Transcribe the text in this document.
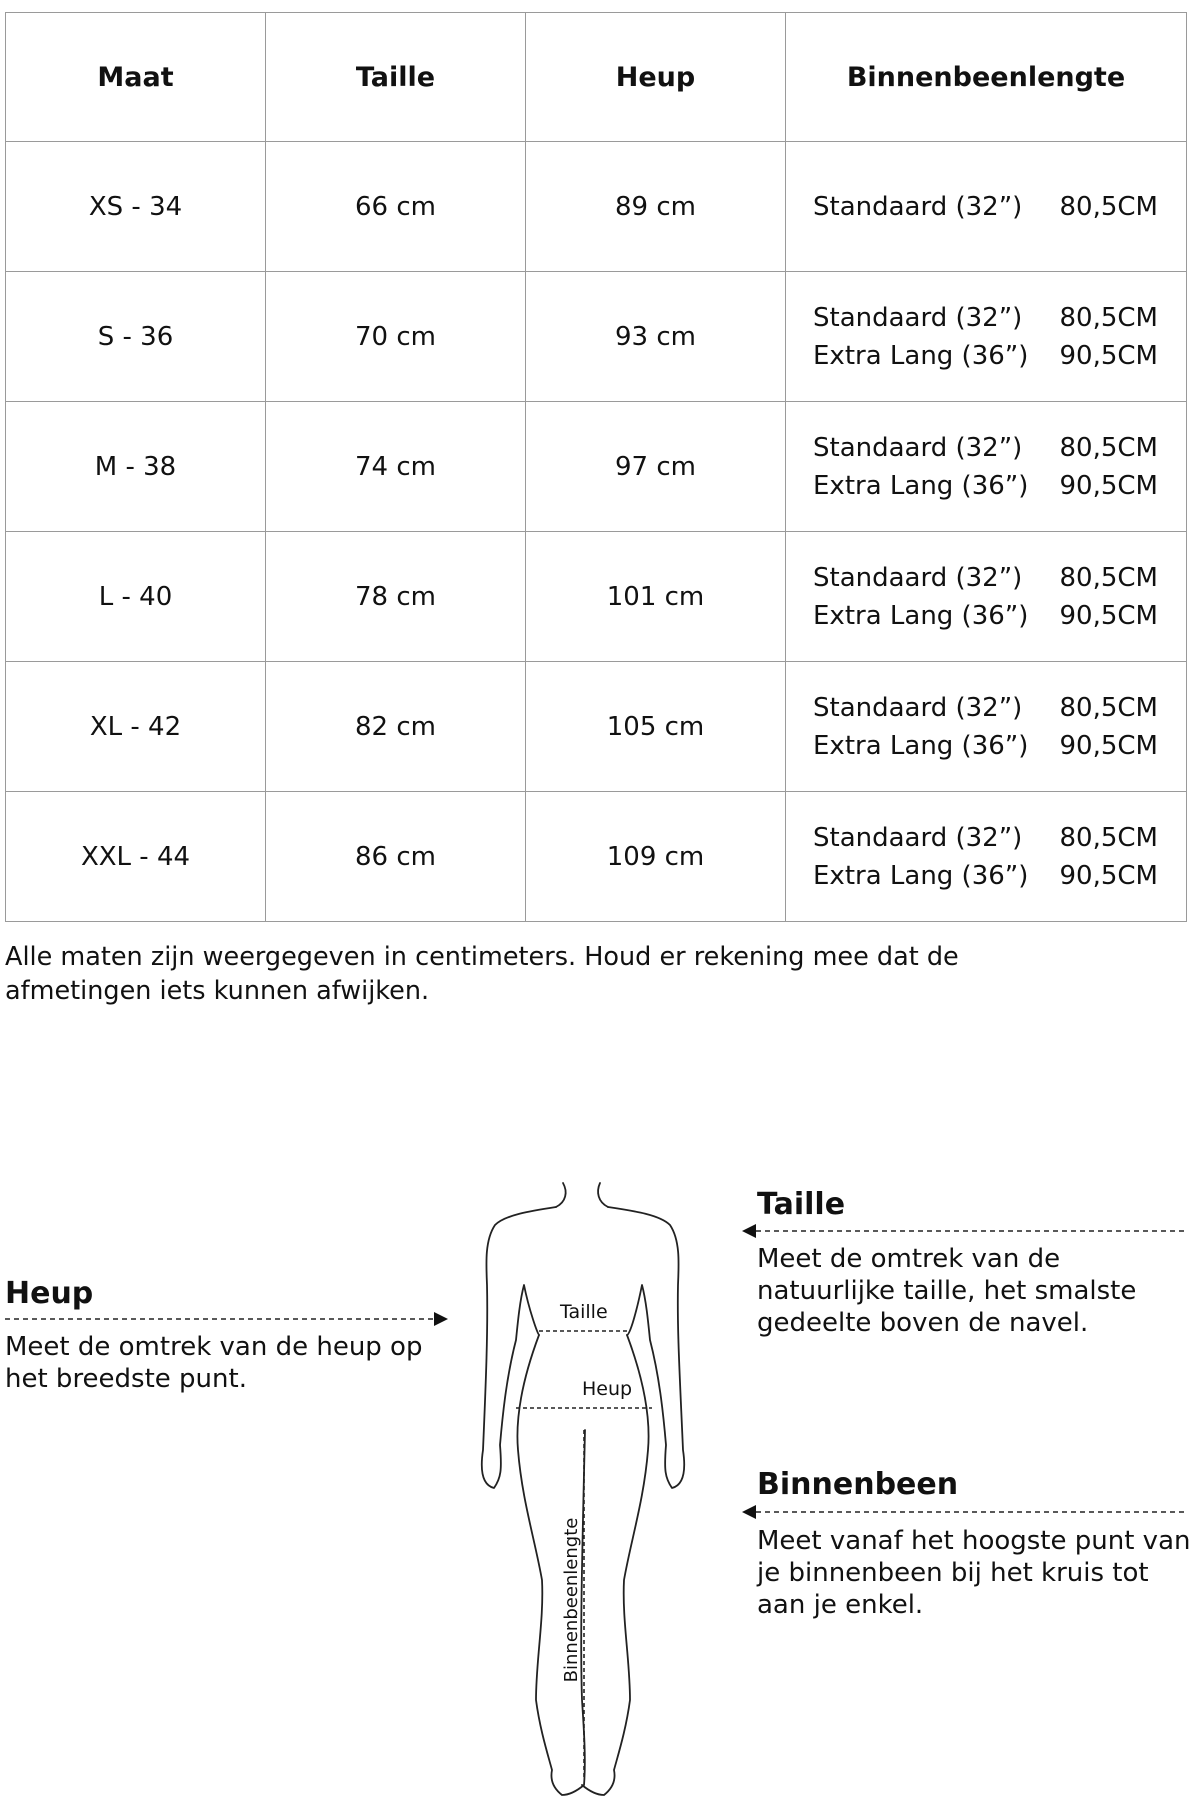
Maat	Taille	Heup	Binnenbeenlengte
XS - 34	66 cm	89 cm	Standaard (32”) 80,5CM

S - 36	70 cm	93 cm	Standaard (32”) 80,5CM
Extra Lang (36”) 90,5CM

M - 38	74 cm	97 cm	Standaard (32”) 80,5CM
Extra Lang (36”) 90,5CM

L - 40	78 cm	101 cm	Standaard (32”) 80,5CM
Extra Lang (36”) 90,5CM

XL - 42	82 cm	105 cm	Standaard (32”) 80,5CM
Extra Lang (36”) 90,5CM

XXL - 44	86 cm	109 cm	Standaard (32”) 80,5CM
Extra Lang (36”) 90,5CM

Alle maten zijn weergegeven in centimeters. Houd er rekening mee dat de afmetingen iets kunnen afwijken.

Heup

Meet de omtrek van de heup op het breedste punt.

Taille

Meet de omtrek van de natuurlijke taille, het smalste gedeelte boven de navel.

Binnenbeen

Meet vanaf het hoogste punt van je binnenbeen bij het kruis tot aan je enkel.

Taille
Heup
Binnenbeenlengte
